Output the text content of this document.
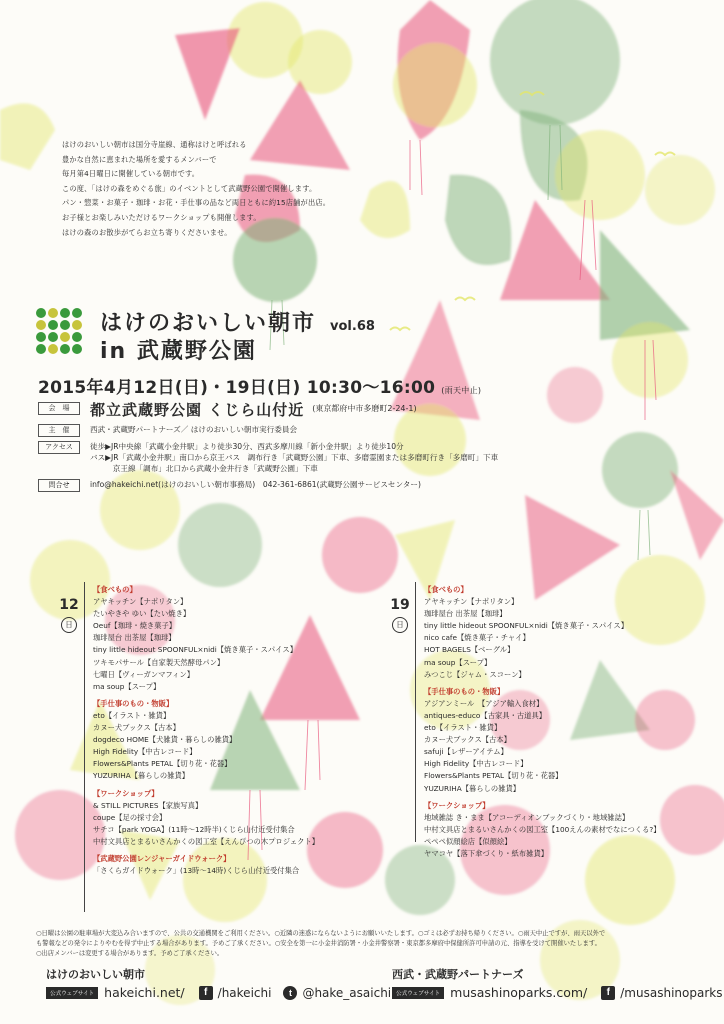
はけのおいしい朝市は国分寺崖線、通称はけと呼ばれる

豊かな自然に恵まれた場所を愛するメンバーで

毎月第4日曜日に開催している朝市です。

この度、「はけの森をめぐる旅」のイベントとして武蔵野公園で開催します。

パン・惣菜・お菓子・珈琲・お花・手仕事の品など両日ともに約15店舗が出店。

お子様とお楽しみいただけるワークショップも開催します。

はけの森のお散歩がてらお立ち寄りくださいませ。

はけのおいしい朝市 vol.68
in 武蔵野公園
2015年4月12日(日)・19日(日) 10:30〜16:00 (雨天中止)
会　場	都立武蔵野公園 くじら山付近 (東京都府中市多磨町2-24-1)
主　催	西武・武蔵野パートナーズ／ はけのおいしい朝市実行委員会
アクセス	徒歩▶JR中央線「武蔵小金井駅」より徒歩30分、西武多摩川線「新小金井駅」より徒歩10分

バス▶JR「武蔵小金井駅」南口から京王バス　調布行き「武蔵野公園」下車、多磨霊園または多磨町行き「多磨町」下車

　　　京王線「調布」北口から武蔵小金井行き「武蔵野公園」下車

問合せ	info@hakeichi.net(はけのおいしい朝市事務局)　042-361-6861(武蔵野公園サービスセンター)
12
日
19
日
【食べもの】
アヤキッチン【ナポリタン】
たいやきや ゆい【たい焼き】
Oeuf【珈琲・焼き菓子】
珈琲屋台 出茶屋【珈琲】
tiny little hideout SPOONFUL×nidi【焼き菓子・スパイス】
ツキモパサール【自家製天然酵母パン】
七曜日【ヴィーガンマフィン】
ma soup【スープ】
【手仕事のもの・物販】
eto【イラスト・雑貨】
カヌー犬ブックス【古本】
dogdeco HOME【犬雑貨・暮らしの雑貨】
High Fidelity【中古レコード】
Flowers&Plants PETAL【切り花・花器】
YUZURIHA【暮らしの雑貨】
【ワークショップ】
& STILL PICTURES【家族写真】
coupe【足の採寸会】
サチコ【park YOGA】(11時〜12時半)くじら山付近受付集合
中村文具店とまるいさんかくの図工室【えんぴつの木プロジェクト】
【武蔵野公園レンジャーガイドウォーク】
「さくらガイドウォーク」(13時〜14時)くじら山付近受付集合
【食べもの】
アヤキッチン【ナポリタン】
珈琲屋台 出茶屋【珈琲】
tiny little hideout SPOONFUL×nidi【焼き菓子・スパイス】
nico cafe【焼き菓子・チャイ】
HOT BAGELS【ベーグル】
ma soup【スープ】
みつこじ【ジャム・スコーン】
【手仕事のもの・物販】
アジアンミール　【アジア輸入食材】
antiques-educo【古家具・古道具】
eto【イラスト・雑貨】
カヌー犬ブックス【古本】
safuji【レザーアイテム】
High Fidelity【中古レコード】
Flowers&Plants PETAL【切り花・花器】
YUZURIHA【暮らしの雑貨】
【ワークショップ】
地域雑誌 き・まま【アコーディオンブックづくり・地域雑誌】
中村文具店とまるいさんかくの図工室【100えんの素材でなにつくる?】
ペペペ似顔絵店【似顔絵】
ヤマコヤ【落下傘づくり・紙布雑貨】

○日曜は公園の駐車場が大変込み合いますので、公共の交通機関をご利用ください。○近隣の迷惑にならないようにお願いいたします。○ゴミは必ずお持ち帰りください。○雨天中止ですが、雨天以外で

も警報などの発令によりやむを得ず中止する場合があります。予めご了承ください。○安全を第一に小金井消防署・小金井警察署・東京都多摩府中保健所許可申請の元、指導を受けて開催いたします。

○出店メンバーは変更する場合があります。予めご了承ください。

はけのおいしい朝市
公式ウェブサイト hakeichi.net/	f /hakeichi	t @hake_asaichi
西武・武蔵野パートナーズ
公式ウェブサイト musashinoparks.com/	f /musashinoparks
